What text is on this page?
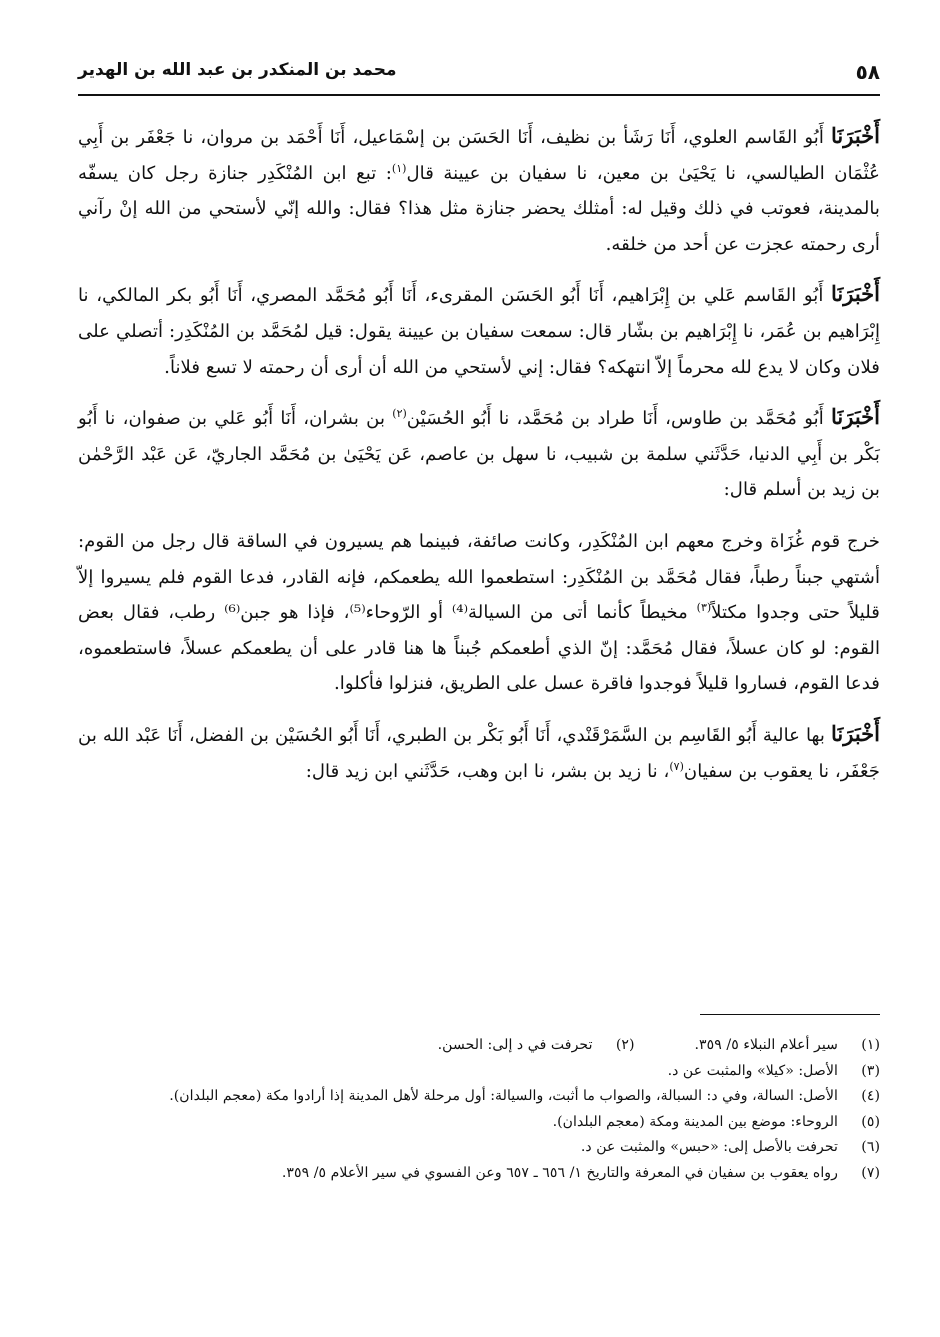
٥٨
محمد بن المنكدر بن عبد الله بن الهدير

أَخْبَرَنَا أَبُو القَاسم العلوي، أَنَا رَشَأ بن نظيف، أَنَا الحَسَن بن إسْمَاعيل، أَنَا أَحْمَد بن مروان، نا جَعْفَر بن أَبِي عُثْمَان الطيالسي، نا يَحْيَىٰ بن معين، نا سفيان بن عيينة قال$^{(١)}$: تبع ابن المُنْكَدِر جنازة رجل كان يسفّه بالمدينة، فعوتب في ذلك وقيل له: أمثلك يحضر جنازة مثل هذا؟ فقال: والله إنّي لأستحي من الله إنْ رآني أرى رحمته عجزت عن أحد من خلقه.

أَخْبَرَنَا أَبُو القَاسم عَلي بن إِبْرَاهيم، أَنَا أَبُو الحَسَن المقرىء، أَنَا أَبُو مُحَمَّد المصري، أَنَا أَبُو بكر المالكي، نا إِبْرَاهيم بن عُمَر، نا إِبْرَاهيم بن بشّار قال: سمعت سفيان بن عيينة يقول: قيل لمُحَمَّد بن المُنْكَدِر: أتصلي على فلان وكان لا يدع لله محرماً إلاّ انتهكه؟ فقال: إني لأستحي من الله أن أرى أن رحمته لا تسع فلاناً.

أَخْبَرَنَا أَبُو مُحَمَّد بن طاوس، أَنَا طراد بن مُحَمَّد، نا أَبُو الحُسَيْن$^{(٢)}$ بن بشران، أَنَا أَبُو عَلي بن صفوان، نا أَبُو بَكْر بن أَبِي الدنيا، حَدَّثَني سلمة بن شبيب، نا سهل بن عاصم، عَن يَحْيَىٰ بن مُحَمَّد الجاريّ، عَن عَبْد الرَّحْمٰن بن زيد بن أسلم قال:

خرج قوم غُزَاة وخرج معهم ابن المُنْكَدِر، وكانت صائفة، فبينما هم يسيرون في الساقة قال رجل من القوم: أشتهي جبناً رطباً، فقال مُحَمَّد بن المُنْكَدِر: استطعموا الله يطعمكم، فإنه القادر، فدعا القوم فلم يسيروا إلاّ قليلاً حتى وجدوا مكتلاً$^{(٣)}$ مخيطاً كأنما أتى من السيالة⁽⁴⁾ أو الرّوحاء⁽⁵⁾، فإذا هو جبن⁽⁶⁾ رطب، فقال بعض القوم: لو كان عسلاً، فقال مُحَمَّد: إنّ الذي أطعمكم جُبناً ها هنا قادر على أن يطعمكم عسلاً، فاستطعموه، فدعا القوم، فساروا قليلاً فوجدوا فاقرة عسل على الطريق، فنزلوا فأكلوا.

أَخْبَرَنَا بها عالية أَبُو القَاسِم بن السَّمَرْقَنْدي، أَنَا أَبُو بَكْر بن الطبري، أَنَا أَبُو الحُسَيْن بن الفضل، أَنَا عَبْد الله بن جَعْفَر، نا يعقوب بن سفيان$^{(٧)}$، نا زيد بن بشر، نا ابن وهب، حَدَّثَني ابن زيد قال:

(١)
سير أعلام النبلاء ٥/ ٣٥٩.
(٢)
تحرفت في د إلى: الحسن.
(٣)
الأصل: «كيلا» والمثبت عن د.
(٤)
الأصل: السالة، وفي د: السبالة، والصواب ما أثبت، والسيالة: أول مرحلة لأهل المدينة إذا أرادوا مكة (معجم البلدان).
(٥)
الروحاء: موضع بين المدينة ومكة (معجم البلدان).
(٦)
تحرفت بالأصل إلى: «حبس» والمثبت عن د.
(٧)
رواه يعقوب بن سفيان في المعرفة والتاريخ ١/ ٦٥٦ ـ ٦٥٧ وعن الفسوي في سير الأعلام ٥/ ٣٥٩.
